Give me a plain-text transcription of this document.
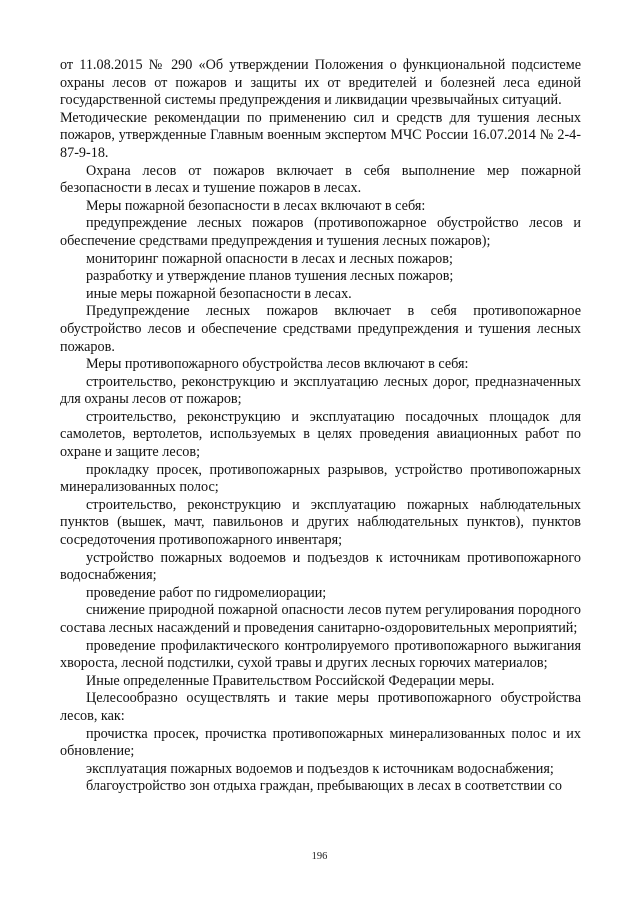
от 11.08.2015 № 290 «Об утверждении Положения о функциональной подсистеме охраны лесов от пожаров и защиты их от вредителей и болезней леса единой государственной системы предупреждения и ликвидации чрезвычайных ситуаций.

Методические рекомендации по применению сил и средств для тушения лесных пожаров, утвержденные Главным военным экспертом МЧС России 16.07.2014 № 2-4-87-9-18.

Охрана лесов от пожаров включает в себя выполнение мер пожарной безопасности в лесах и тушение пожаров в лесах.

Меры пожарной безопасности в лесах включают в себя:

предупреждение лесных пожаров (противопожарное обустройство лесов и обеспечение средствами предупреждения и тушения лесных пожаров);

мониторинг пожарной опасности в лесах и лесных пожаров;

разработку и утверждение планов тушения лесных пожаров;

иные меры пожарной безопасности в лесах.

Предупреждение лесных пожаров включает в себя противопожарное обустройство лесов и обеспечение средствами предупреждения и тушения лесных пожаров.

Меры противопожарного обустройства лесов включают в себя:

строительство, реконструкцию и эксплуатацию лесных дорог, предназначенных для охраны лесов от пожаров;

строительство, реконструкцию и эксплуатацию посадочных площадок для самолетов, вертолетов, используемых в целях проведения авиационных работ по охране и защите лесов;

прокладку просек, противопожарных разрывов, устройство противопожарных минерализованных полос;

строительство, реконструкцию и эксплуатацию пожарных наблюдательных пунктов (вышек, мачт, павильонов и других наблюдательных пунктов), пунктов сосредоточения противопожарного инвентаря;

устройство пожарных водоемов и подъездов к источникам противопожарного водоснабжения;

проведение работ по гидромелиорации;

снижение природной пожарной опасности лесов путем регулирования породного состава лесных насаждений и проведения санитарно-оздоровительных мероприятий;

проведение профилактического контролируемого противопожарного выжигания хвороста, лесной подстилки, сухой травы и других лесных горючих материалов;

Иные определенные Правительством Российской Федерации меры.

Целесообразно осуществлять и такие меры противопожарного обустройства лесов, как:

прочистка просек, прочистка противопожарных минерализованных полос и их обновление;

эксплуатация пожарных водоемов и подъездов к источникам водоснабжения;

благоустройство зон отдыха граждан, пребывающих в лесах в соответствии со

196
